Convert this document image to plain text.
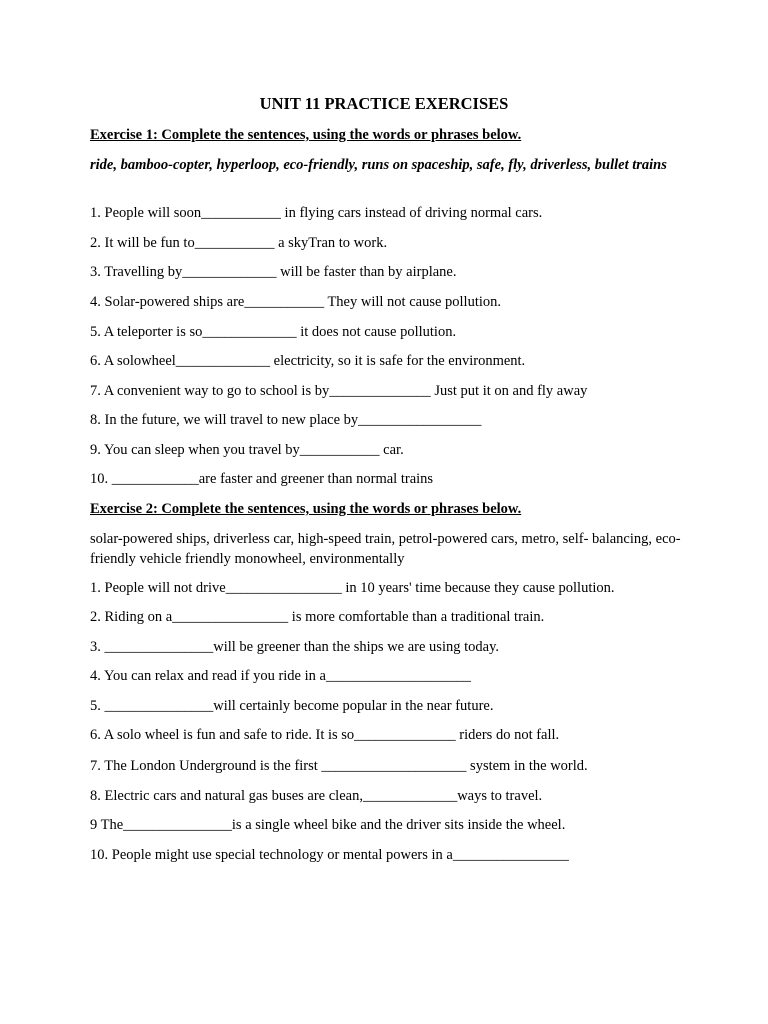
UNIT 11 PRACTICE EXERCISES
Exercise 1: Complete the sentences, using the words or phrases below.
ride, bamboo-copter, hyperloop, eco-friendly, runs on spaceship, safe, fly, driverless, bullet trains
1. People will soon___________ in flying cars instead of driving normal cars.
2. It will be fun to___________ a skyTran to work.
3. Travelling by_____________ will be faster than by airplane.
4. Solar-powered ships are___________ They will not cause pollution.
5. A teleporter is so_____________ it does not cause pollution.
6. A solowheel_____________ electricity, so it is safe for the environment.
7. A convenient way to go to school is by______________ Just put it on and fly away
8. In the future, we will travel to new place by_________________
9. You can sleep when you travel by___________ car.
10. ____________are faster and greener than normal trains
Exercise 2: Complete the sentences, using the words or phrases below.
solar-powered ships, driverless car, high-speed train, petrol-powered cars, metro, self- balancing, eco-friendly vehicle friendly monowheel, environmentally
1. People will not drive________________ in 10 years' time because they cause pollution.
2. Riding on a________________ is more comfortable than a traditional train.
3. _______________will be greener than the ships we are using today.
4. You can relax and read if you ride in a____________________
5. _______________will certainly become popular in the near future.
6. A solo wheel is fun and safe to ride. It is so______________ riders do not fall.
7. The London Underground is the first ____________________ system in the world.
8. Electric cars and natural gas buses are clean,_____________ways to travel.
9 The_______________is a single wheel bike and the driver sits inside the wheel.
10. People might use special technology or mental powers in a________________
